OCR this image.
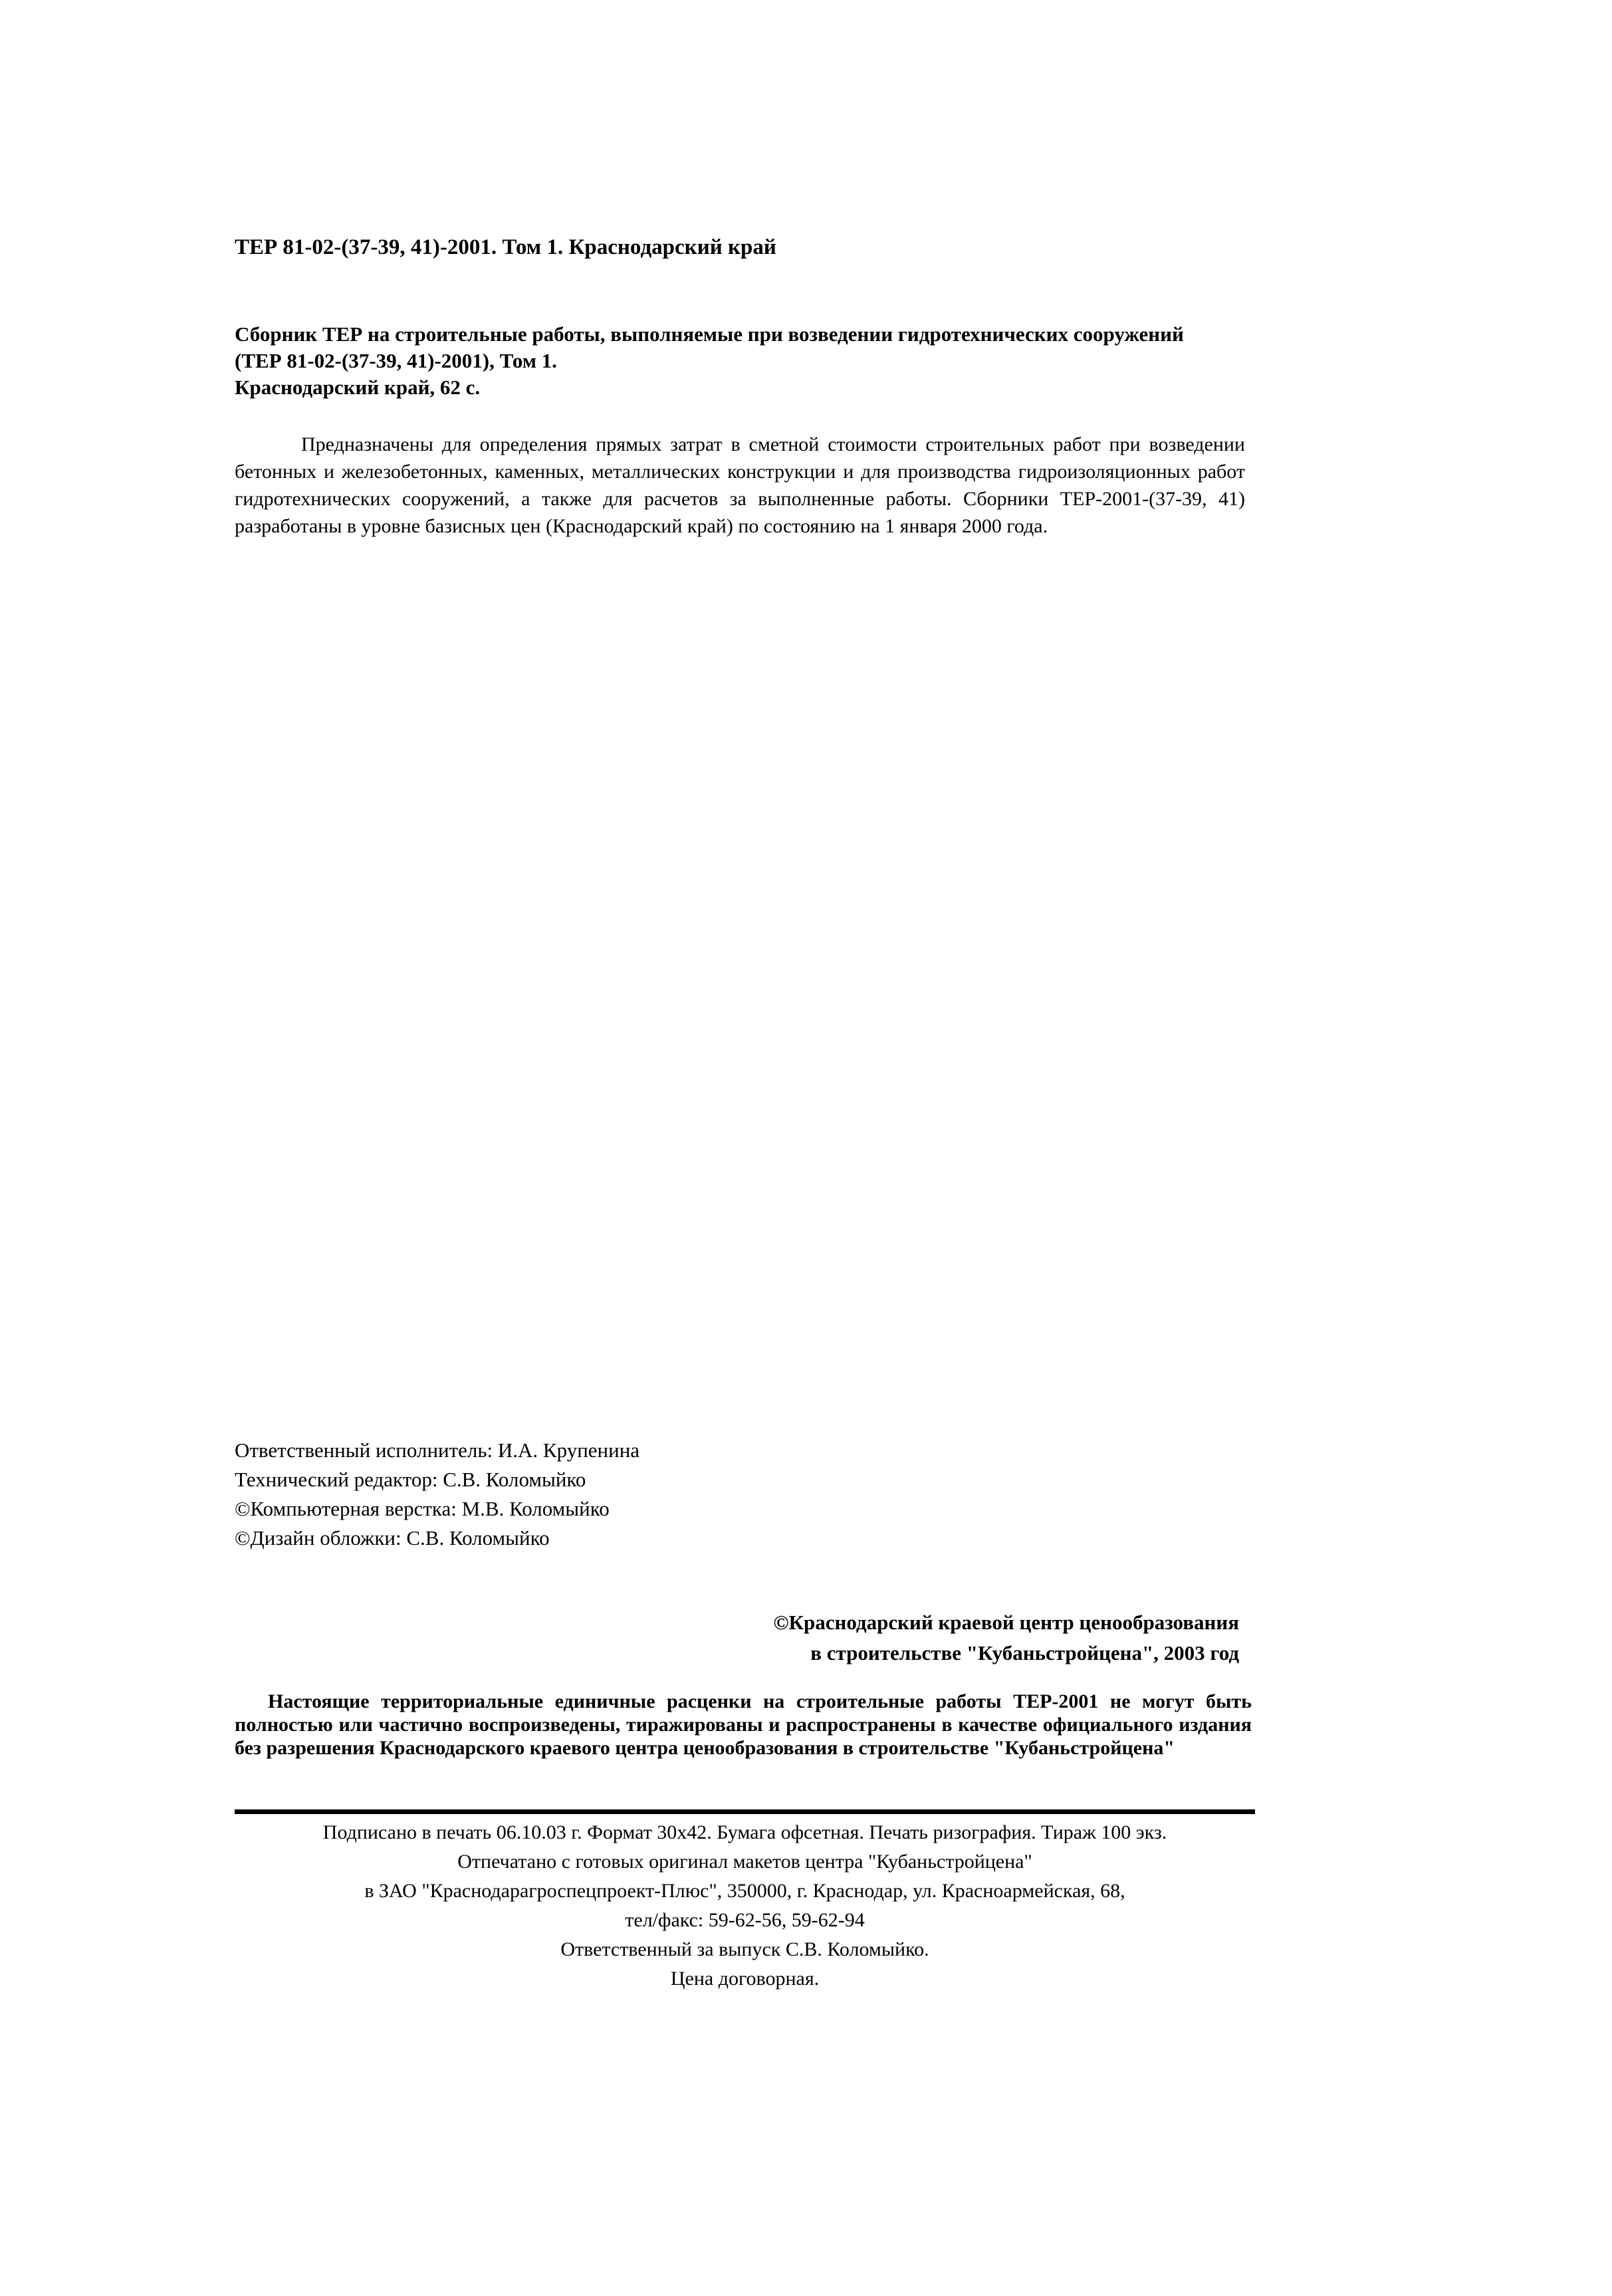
ТЕР 81-02-(37-39, 41)-2001. Том 1. Краснодарский край
Сборник ТЕР на строительные работы, выполняемые при возведении гидротехнических сооружений
(ТЕР 81-02-(37-39, 41)-2001), Том 1.
Краснодарский край, 62 с.
Предназначены для определения прямых затрат в сметной стоимости строительных работ при возведении бетонных и железобетонных, каменных, металлических конструкции и для производства гидроизоляционных работ гидротехнических сооружений, а также для расчетов за выполненные работы. Сборники ТЕР-2001-(37-39, 41) разработаны в уровне базисных цен (Краснодарский край) по состоянию на 1 января 2000 года.
Ответственный исполнитель: И.А. Крупенина
Технический редактор: С.В. Коломыйко
©Компьютерная верстка: М.В. Коломыйко
©Дизайн обложки: С.В. Коломыйко
©Краснодарский краевой центр ценообразования
в строительстве "Кубаньстройцена", 2003 год
Настоящие территориальные единичные расценки на строительные работы ТЕР-2001 не могут быть полностью или частично воспроизведены, тиражированы и распространены в качестве официального издания без разрешения Краснодарского краевого центра ценообразования в строительстве "Кубаньстройцена"
Подписано в печать 06.10.03 г. Формат 30х42. Бумага офсетная. Печать ризография. Тираж 100 экз.
Отпечатано с готовых оригинал макетов центра "Кубаньстройцена"
в ЗАО "Краснодарагроспецпроект-Плюс", 350000, г. Краснодар, ул. Красноармейская, 68,
тел/факс: 59-62-56, 59-62-94
Ответственный за выпуск С.В. Коломыйко.
Цена договорная.
